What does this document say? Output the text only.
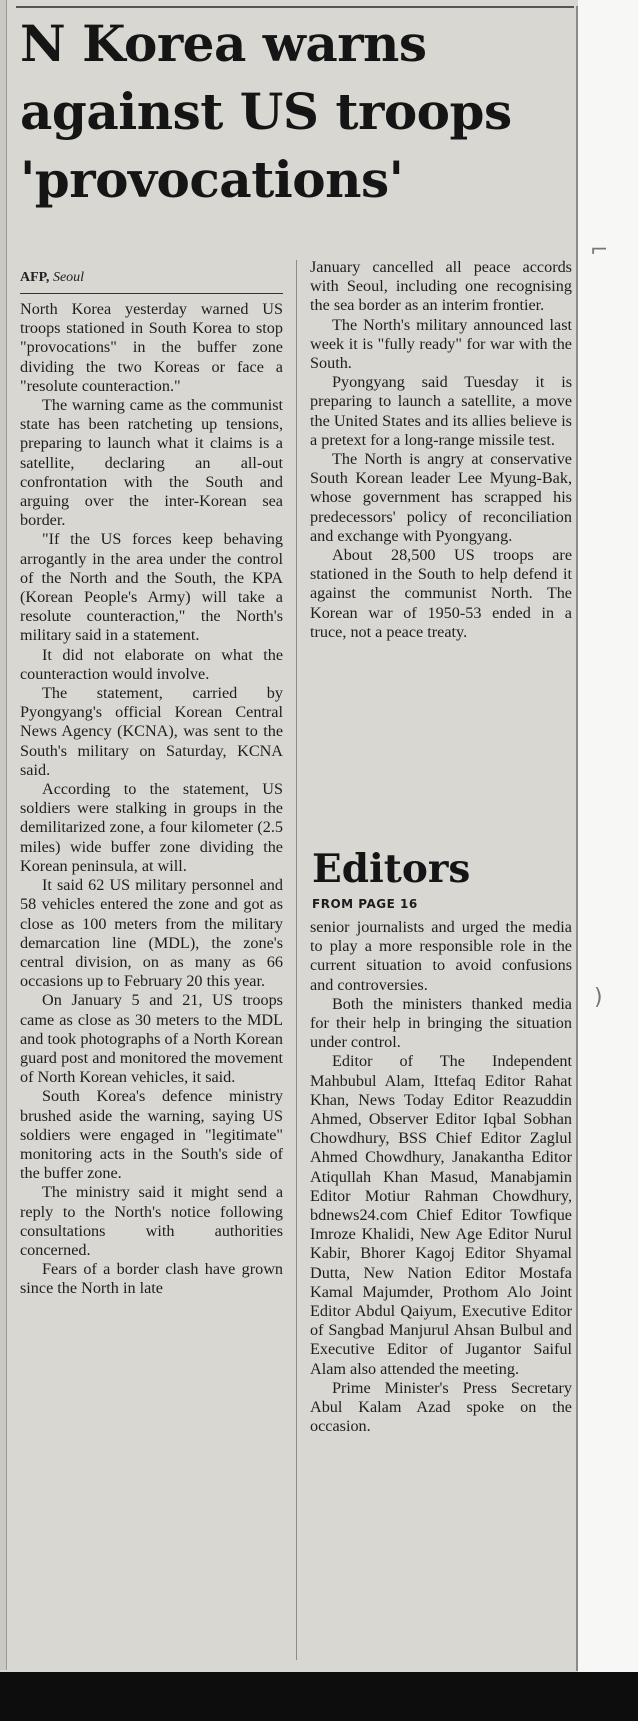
N Korea warns against US troops 'provocations'
AFP, Seoul

North Korea yesterday warned US troops stationed in South Korea to stop "provocations" in the buffer zone dividing the two Koreas or face a "resolute counteraction."

The warning came as the communist state has been ratcheting up tensions, preparing to launch what it claims is a satellite, declaring an all-out confrontation with the South and arguing over the inter-Korean sea border.

"If the US forces keep behaving arrogantly in the area under the control of the North and the South, the KPA (Korean People's Army) will take a resolute counteraction," the North's military said in a statement.

It did not elaborate on what the counteraction would involve.

The statement, carried by Pyongyang's official Korean Central News Agency (KCNA), was sent to the South's military on Saturday, KCNA said.

According to the statement, US soldiers were stalking in groups in the demilitarized zone, a four kilometer (2.5 miles) wide buffer zone dividing the Korean peninsula, at will.

It said 62 US military personnel and 58 vehicles entered the zone and got as close as 100 meters from the military demarcation line (MDL), the zone's central division, on as many as 66 occasions up to February 20 this year.

On January 5 and 21, US troops came as close as 30 meters to the MDL and took photographs of a North Korean guard post and monitored the movement of North Korean vehicles, it said.

South Korea's defence ministry brushed aside the warning, saying US soldiers were engaged in "legitimate" monitoring acts in the South's side of the buffer zone.

The ministry said it might send a reply to the North's notice following consultations with authorities concerned.

Fears of a border clash have grown since the North in late

January cancelled all peace accords with Seoul, including one recognising the sea border as an interim frontier.

The North's military announced last week it is "fully ready" for war with the South.

Pyongyang said Tuesday it is preparing to launch a satellite, a move the United States and its allies believe is a pretext for a long-range missile test.

The North is angry at conservative South Korean leader Lee Myung-Bak, whose government has scrapped his predecessors' policy of reconciliation and exchange with Pyongyang.

About 28,500 US troops are stationed in the South to help defend it against the communist North. The Korean war of 1950-53 ended in a truce, not a peace treaty.

Editors
FROM PAGE 16

senior journalists and urged the media to play a more responsible role in the current situation to avoid confusions and controversies.

Both the ministers thanked media for their help in bringing the situation under control.

Editor of The Independent Mahbubul Alam, Ittefaq Editor Rahat Khan, News Today Editor Reazuddin Ahmed, Observer Editor Iqbal Sobhan Chowdhury, BSS Chief Editor Zaglul Ahmed Chowdhury, Janakantha Editor Atiqullah Khan Masud, Manabjamin Editor Motiur Rahman Chowdhury, bdnews24.com Chief Editor Towfique Imroze Khalidi, New Age Editor Nurul Kabir, Bhorer Kagoj Editor Shyamal Dutta, New Nation Editor Mostafa Kamal Majumder, Prothom Alo Joint Editor Abdul Qaiyum, Executive Editor of Sangbad Manjurul Ahsan Bulbul and Executive Editor of Jugantor Saiful Alam also attended the meeting.

Prime Minister's Press Secretary Abul Kalam Azad spoke on the occasion.

⌐
)
